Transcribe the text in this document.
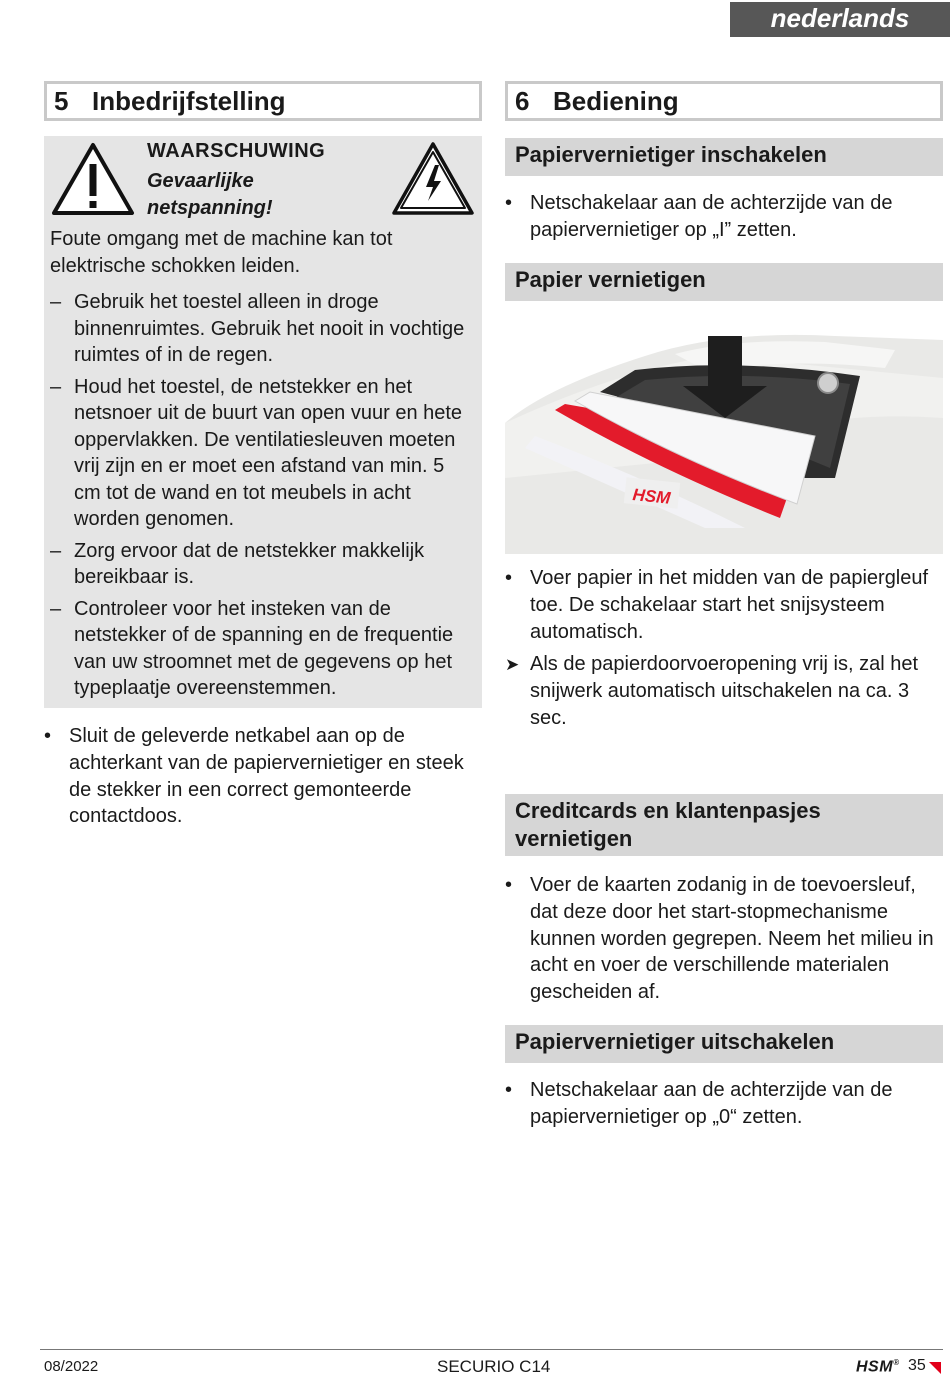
nederlands
5 Inbedrijfstelling
WAARSCHUWING
Gevaarlijke
netspanning!
Foute omgang met de machine kan tot elektrische schokken leiden.
– Gebruik het toestel alleen in droge binnenruimtes. Gebruik het nooit in vochtige ruimtes of in de regen.
– Houd het toestel, de netstekker en het netsnoer uit de buurt van open vuur en hete oppervlakken. De ventilatiesleuven moeten vrij zijn en er moet een afstand van min. 5 cm tot de wand en tot meubels in acht worden genomen.
– Zorg ervoor dat de netstekker makkelijk bereikbaar is.
– Controleer voor het insteken van de netstekker of de spanning en de frequentie van uw stroomnet met de gegevens op het typeplaatje overeenstemmen.
• Sluit de geleverde netkabel aan op de achterkant van de papiervernietiger en steek de stekker in een correct gemonteerde contactdoos.
6 Bediening
Papiervernietiger inschakelen
• Netschakelaar aan de achterzijde van de papiervernietiger op „I” zetten.
Papier vernietigen
HSM
• Voer papier in het midden van de papiergleuf toe. De schakelaar start het snijsysteem automatisch.
➤ Als de papierdoorvoeropening vrij is, zal het snijwerk automatisch uitschakelen na ca. 3 sec.
Creditcards en klantenpasjes
vernietigen
• Voer de kaarten zodanig in de toevoersleuf, dat deze door het start-stopmechanisme kunnen worden gegrepen. Neem het milieu in acht en voer de verschillende materialen gescheiden af.
Papiervernietiger uitschakelen
• Netschakelaar aan de achterzijde van de papiervernietiger op „0“ zetten.
08/2022	SECURIO C14	HSM® 35
